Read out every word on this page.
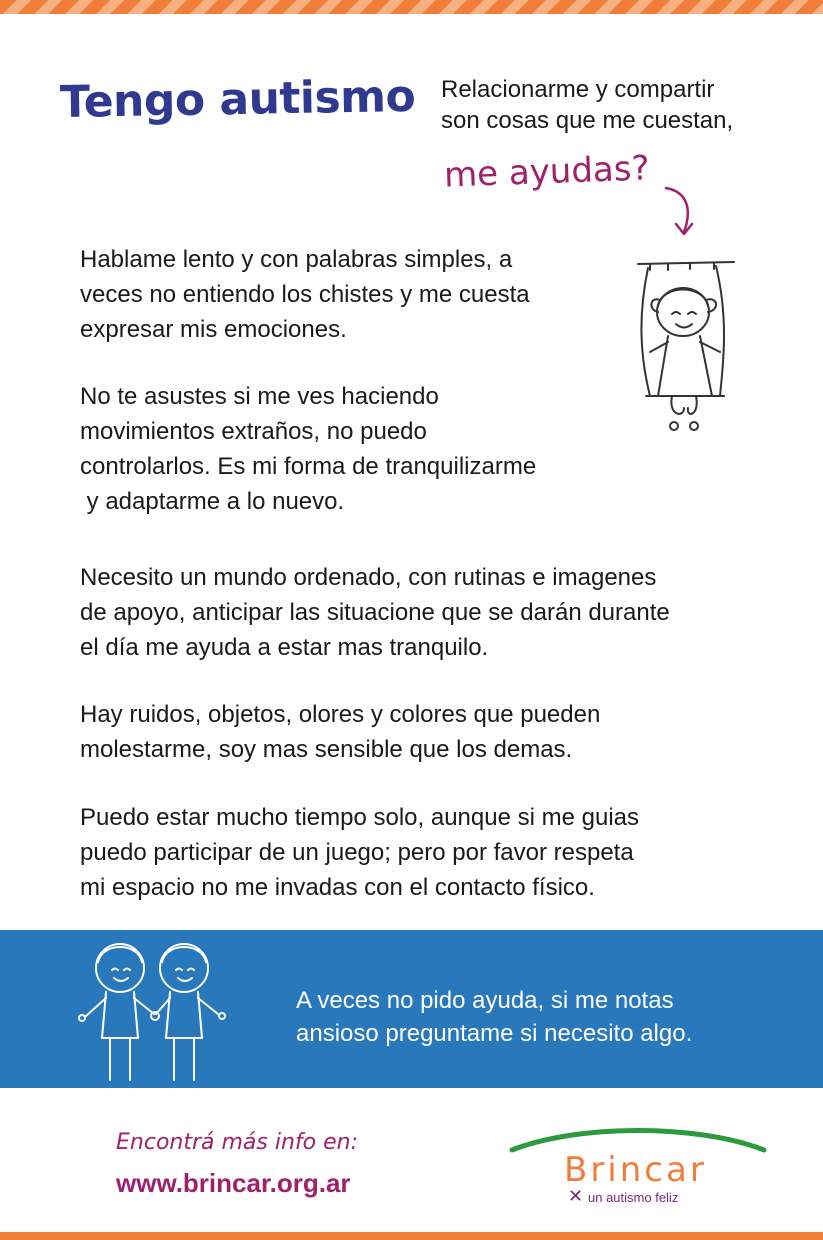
Tengo autismo Relacionarme y compartir
son cosas que me cuestan,
me ayudas?
Hablame lento y con palabras simples, a
veces no entiendo los chistes y me cuesta
expresar mis emociones.
No te asustes si me ves haciendo
movimientos extraños, no puedo
controlarlos. Es mi forma de tranquilizarme
y adaptarme a lo nuevo.
Necesito un mundo ordenado, con rutinas e imagenes
de apoyo, anticipar las situacione que se darán durante
el día me ayuda a estar mas tranquilo.
Hay ruidos, objetos, olores y colores que pueden
molestarme, soy mas sensible que los demas.
Puedo estar mucho tiempo solo, aunque si me guias
puedo participar de un juego; pero por favor respeta
mi espacio no me invadas con el contacto físico.
A veces no pido ayuda, si me notas
ansioso preguntame si necesito algo.
Encontrá más info en:
www.brincar.org.ar	Brincar
✕ un autismo feliz
